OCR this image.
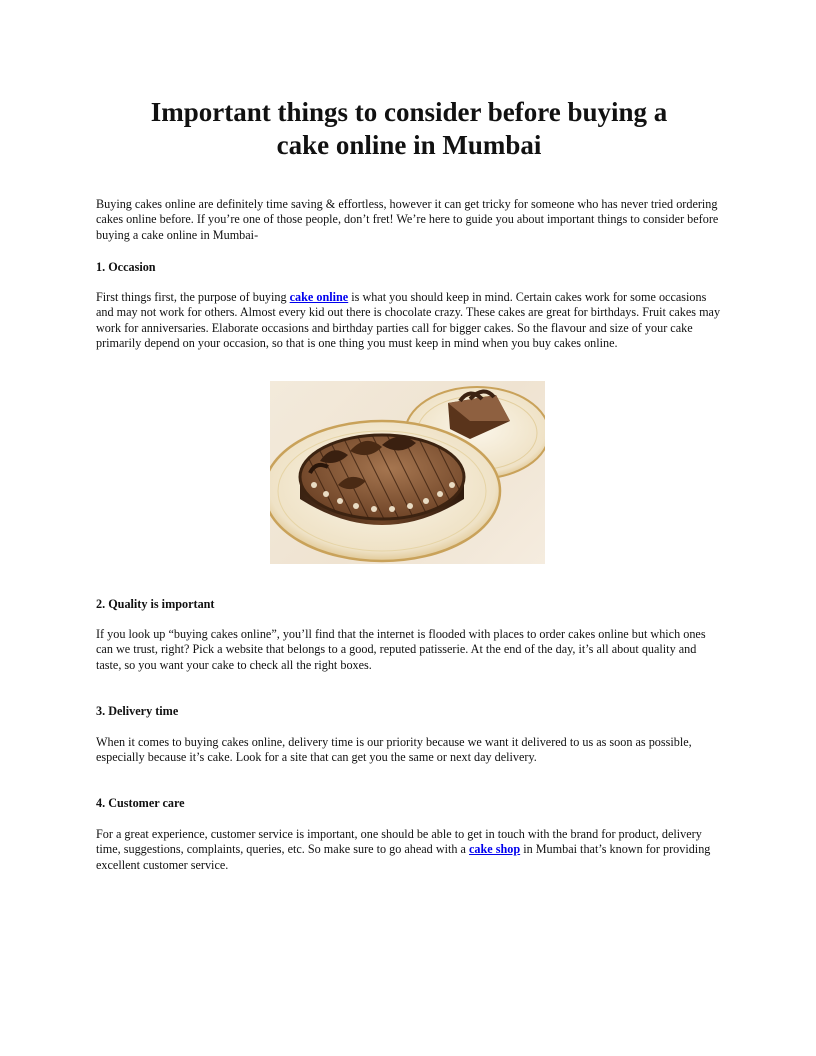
Important things to consider before buying a
cake online in Mumbai

Buying cakes online are definitely time saving & effortless, however it can get tricky for someone who has never tried ordering cakes online before. If you’re one of those people, don’t fret! We’re here to guide you about important things to consider before buying a cake online in Mumbai-

1. Occasion

First things first, the purpose of buying cake online is what you should keep in mind. Certain cakes work for some occasions and may not work for others. Almost every kid out there is chocolate crazy. These cakes are great for birthdays. Fruit cakes may work for anniversaries. Elaborate occasions and birthday parties call for bigger cakes. So the flavour and size of your cake primarily depend on your occasion, so that is one thing you must keep in mind when you buy cakes online.

2. Quality is important

If you look up “buying cakes online”, you’ll find that the internet is flooded with places to order cakes online but which ones can we trust, right? Pick a website that belongs to a good, reputed patisserie. At the end of the day, it’s all about quality and taste, so you want your cake to check all the right boxes.

3. Delivery time

When it comes to buying cakes online, delivery time is our priority because we want it delivered to us as soon as possible, especially because it’s cake. Look for a site that can get you the same or next day delivery.

4. Customer care

For a great experience, customer service is important, one should be able to get in touch with the brand for product, delivery time, suggestions, complaints, queries, etc. So make sure to go ahead with a cake shop in Mumbai that’s known for providing excellent customer service.
